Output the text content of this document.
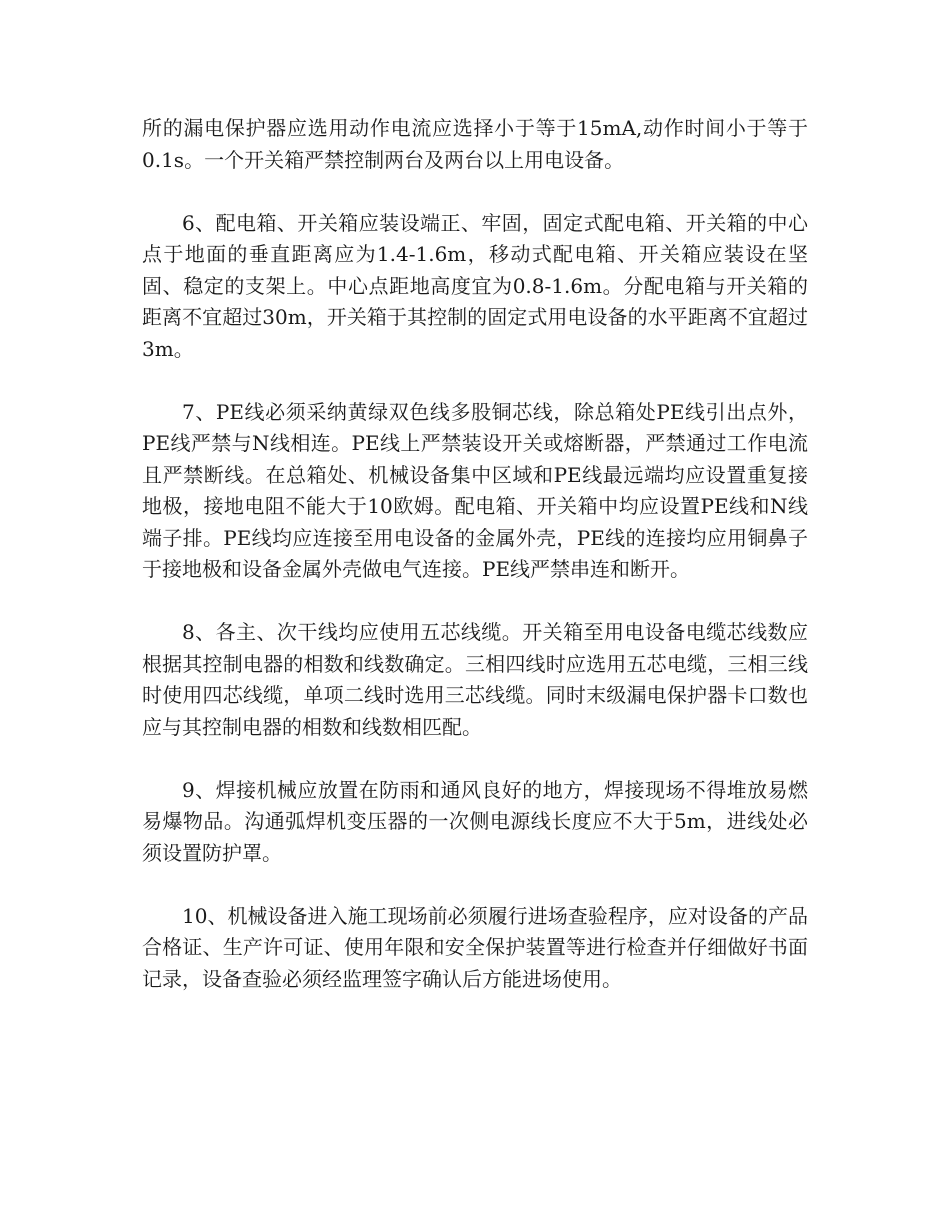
所的漏电保护器应选用动作电流应选择小于等于15mA,动作时间小于等于0.1s。一个开关箱严禁控制两台及两台以上用电设备。

6、配电箱、开关箱应装设端正、牢固，固定式配电箱、开关箱的中心点于地面的垂直距离应为1.4-1.6m，移动式配电箱、开关箱应装设在坚固、稳定的支架上。中心点距地高度宜为0.8-1.6m。分配电箱与开关箱的距离不宜超过30m，开关箱于其控制的固定式用电设备的水平距离不宜超过3m。

7、PE线必须采纳黄绿双色线多股铜芯线，除总箱处PE线引出点外，PE线严禁与N线相连。PE线上严禁装设开关或熔断器，严禁通过工作电流且严禁断线。在总箱处、机械设备集中区域和PE线最远端均应设置重复接地极，接地电阻不能大于10欧姆。配电箱、开关箱中均应设置PE线和N线端子排。PE线均应连接至用电设备的金属外壳，PE线的连接均应用铜鼻子于接地极和设备金属外壳做电气连接。PE线严禁串连和断开。

8、各主、次干线均应使用五芯线缆。开关箱至用电设备电缆芯线数应根据其控制电器的相数和线数确定。三相四线时应选用五芯电缆，三相三线时使用四芯线缆，单项二线时选用三芯线缆。同时末级漏电保护器卡口数也应与其控制电器的相数和线数相匹配。

9、焊接机械应放置在防雨和通风良好的地方，焊接现场不得堆放易燃易爆物品。沟通弧焊机变压器的一次侧电源线长度应不大于5m，进线处必须设置防护罩。

10、机械设备进入施工现场前必须履行进场查验程序，应对设备的产品合格证、生产许可证、使用年限和安全保护装置等进行检查并仔细做好书面记录，设备查验必须经监理签字确认后方能进场使用。
